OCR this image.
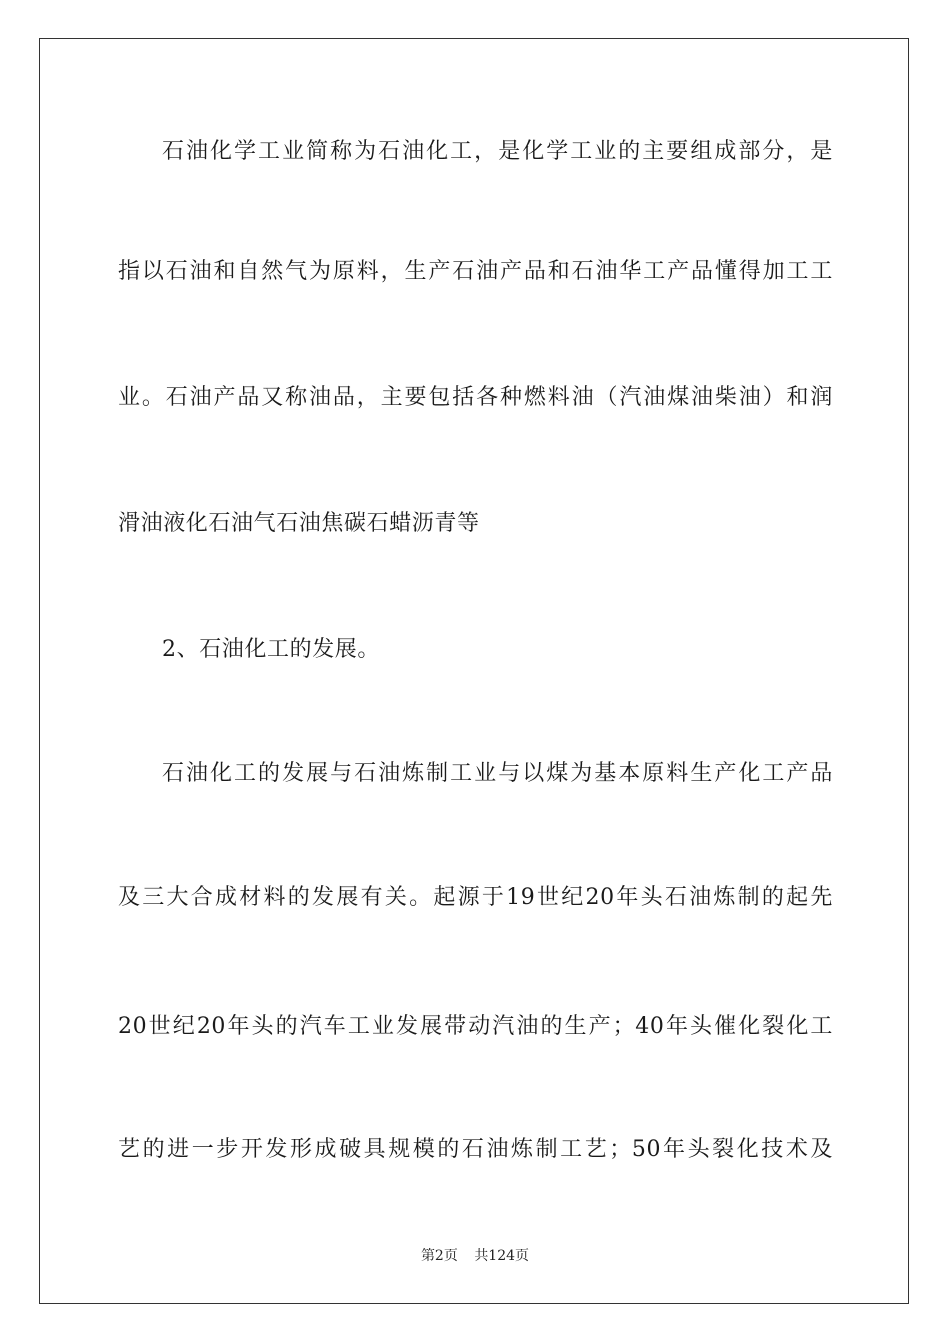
石油化学工业简称为石油化工，是化学工业的主要组成部分，是
指以石油和自然气为原料，生产石油产品和石油华工产品懂得加工工
业。石油产品又称油品，主要包括各种燃料油（汽油煤油柴油）和润
滑油液化石油气石油焦碳石蜡沥青等
2、石油化工的发展。
石油化工的发展与石油炼制工业与以煤为基本原料生产化工产品
及三大合成材料的发展有关。起源于19世纪20年头石油炼制的起先
20世纪20年头的汽车工业发展带动汽油的生产；40年头催化裂化工
艺的进一步开发形成破具规模的石油炼制工艺；50年头裂化技术及
第2页 共124页
